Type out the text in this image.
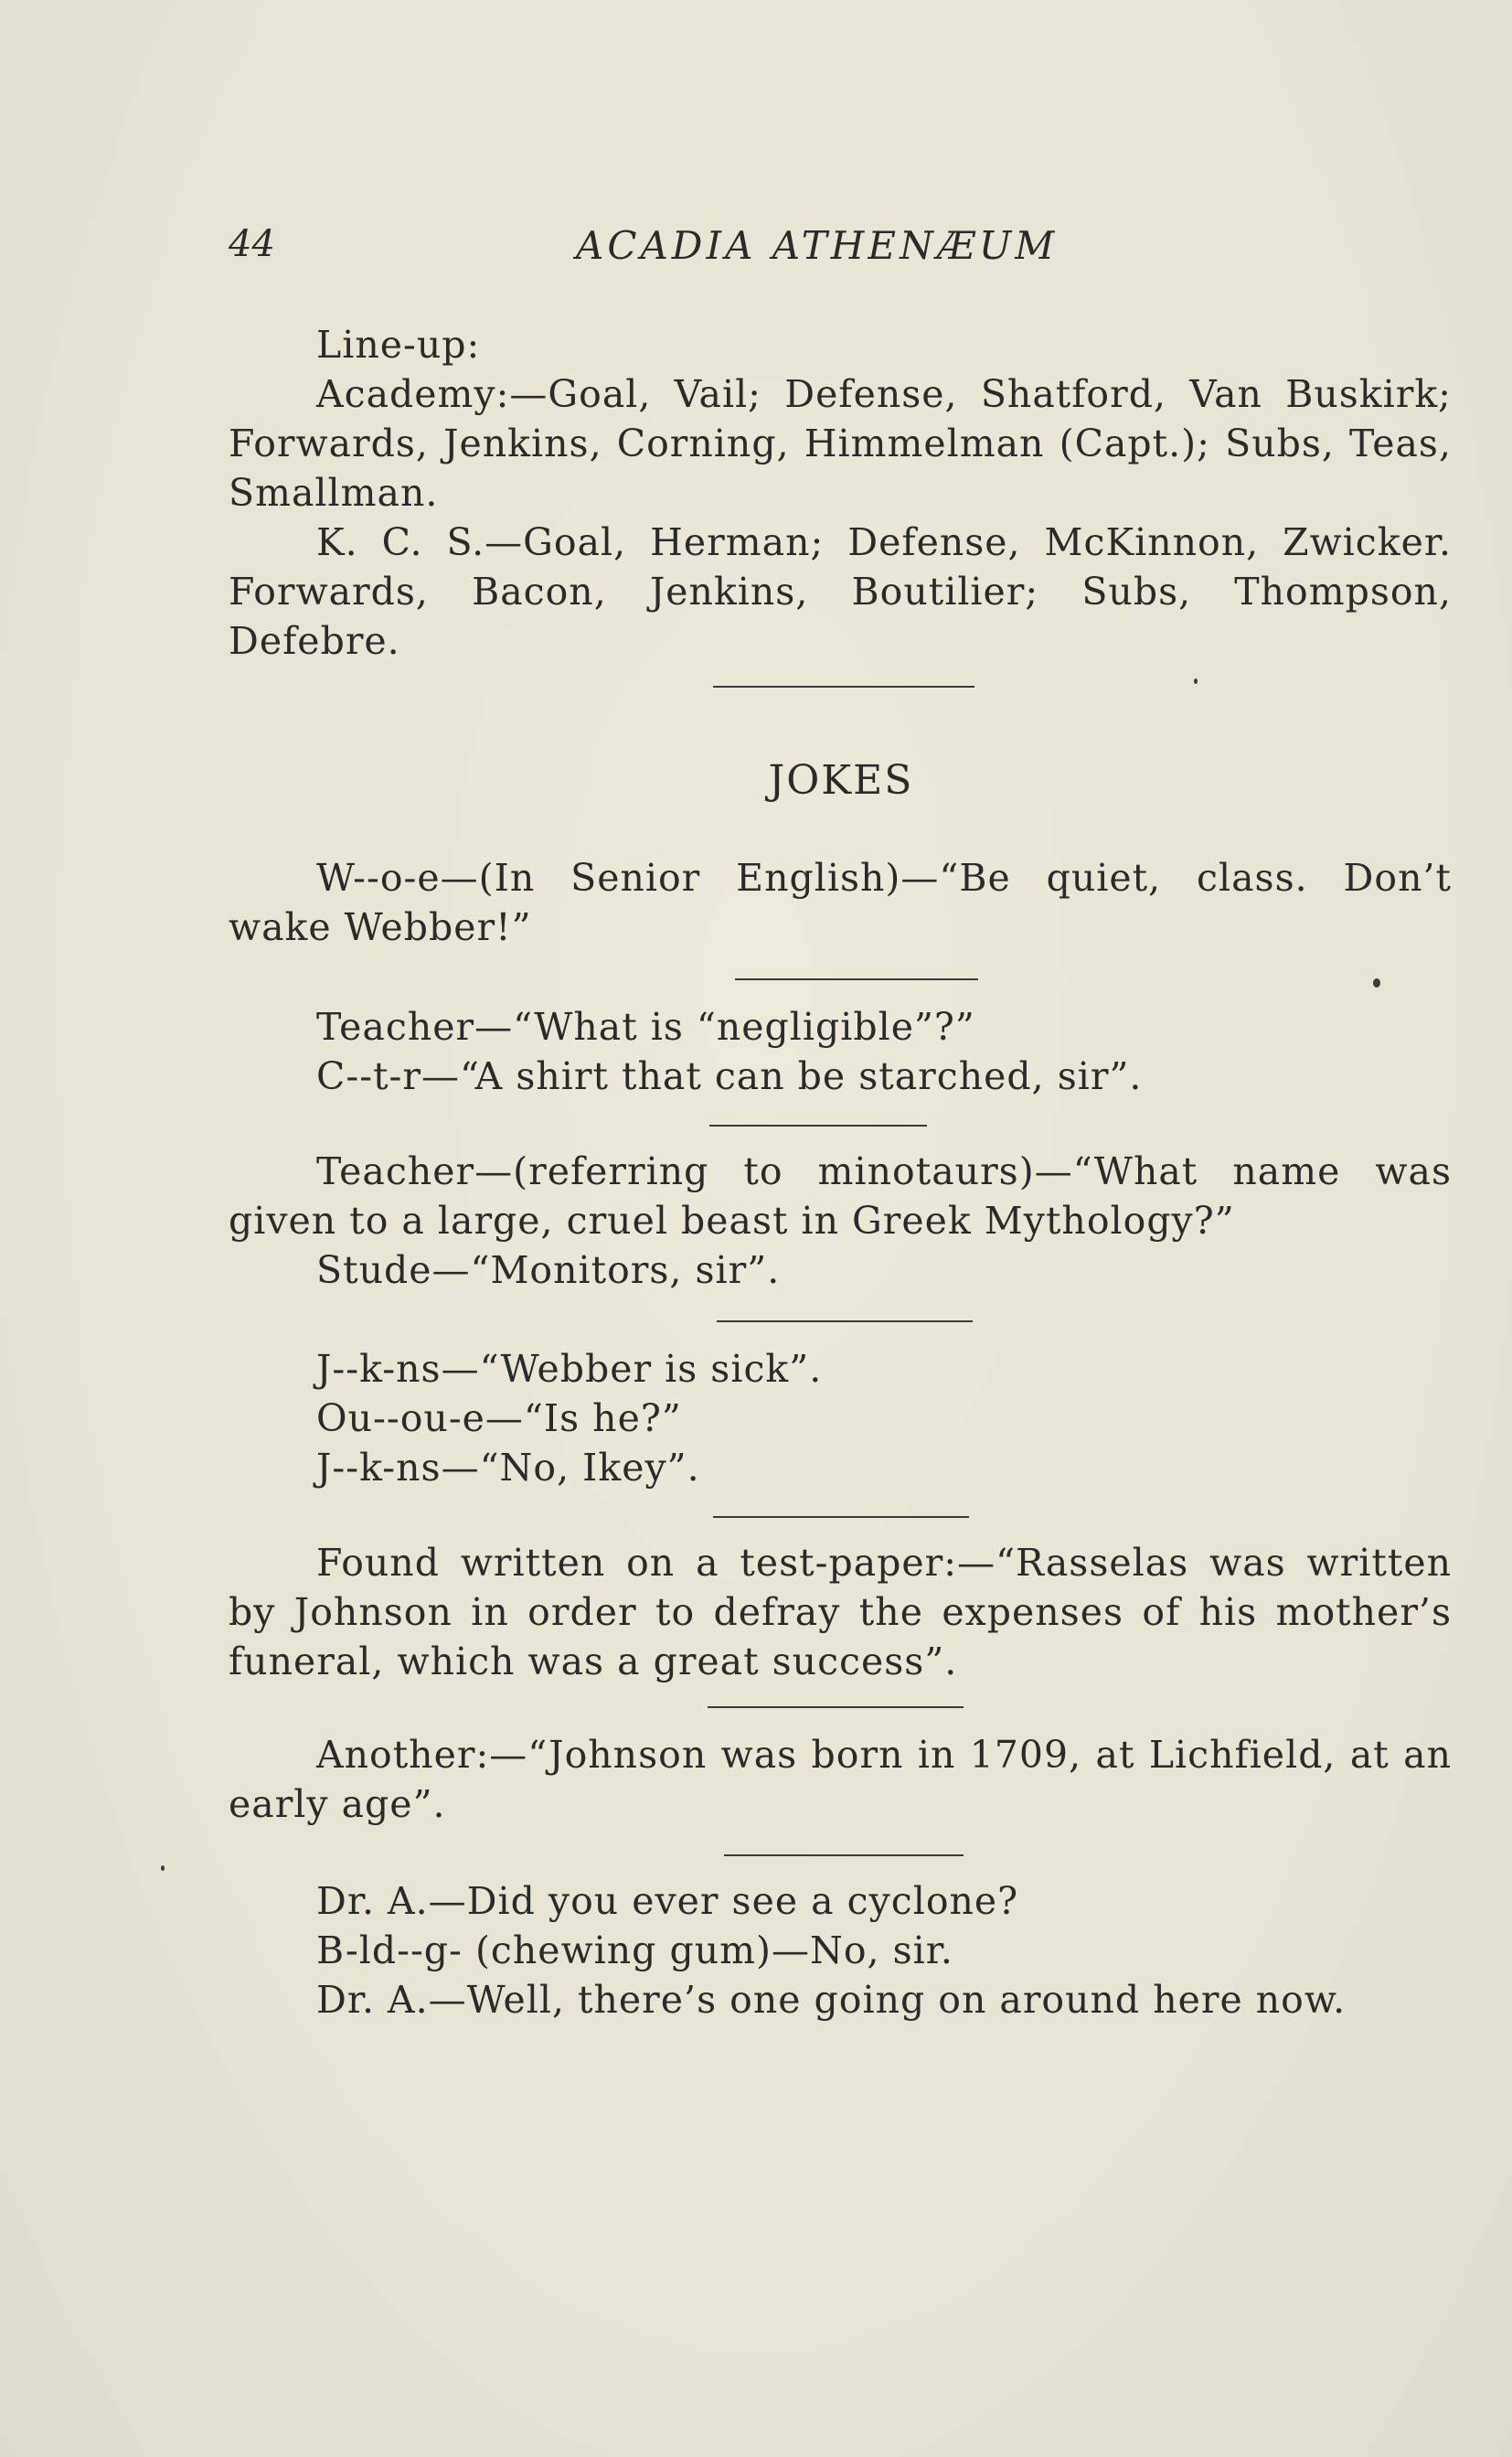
44	ACADIA ATHENÆUM

Line-up:

Academy:—Goal, Vail; Defense, Shatford, Van Buskirk; Forwards, Jenkins, Corning, Himmelman (Capt.); Subs, Teas, Smallman.

K. C. S.—Goal, Herman; Defense, McKinnon, Zwicker. Forwards, Bacon, Jenkins, Boutilier; Subs, Thompson, Defebre.

JOKES

W--o-e—(In Senior English)—“Be quiet, class. Don’t wake Webber!”

Teacher—“What is “negligible”?”

C--t-r—“A shirt that can be starched, sir”.

Teacher—(referring to minotaurs)—“What name was given to a large, cruel beast in Greek Mythology?”

Stude—“Monitors, sir”.

J--k-ns—“Webber is sick”.

Ou--ou-e—“Is he?”

J--k-ns—“No, Ikey”.

Found written on a test-paper:—“Rasselas was written by Johnson in order to defray the expenses of his mother’s funeral, which was a great success”.

Another:—“Johnson was born in 1709, at Lichfield, at an early age”.

Dr. A.—Did you ever see a cyclone?

B-ld--g- (chewing gum)—No, sir.

Dr. A.—Well, there’s one going on around here now.
